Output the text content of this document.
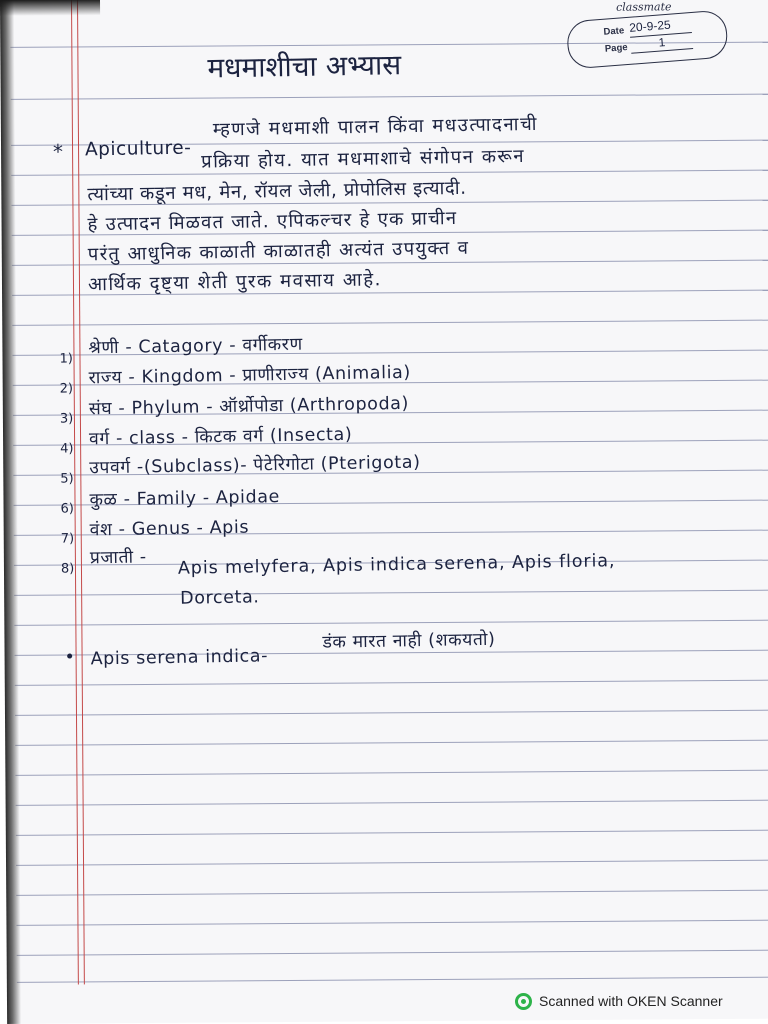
classmate
Date 20-9-25
Page	1
मधमाशीचा अभ्यास
* Apiculture-
म्हणजे मधमाशी पालन किंवा मधउत्पादनाची
प्रक्रिया होय. यात मधमाशाचे संगोपन करून
त्यांच्या कडून मध, मेन, रॉयल जेली, प्रोपोलिस इत्यादी.
हे उत्पादन मिळवत जाते. एपिकल्चर हे एक प्राचीन
परंतु आधुनिक काळाती काळातही अत्यंत उपयुक्त व
आर्थिक दृष्ट्या शेती पुरक मवसाय आहे.
1)
श्रेणी - Catagory - वर्गीकरण
2)
राज्य - Kingdom - प्राणीराज्य (Animalia)
3) संघ - Phylum - ऑर्थ्रोपोडा (Arthropoda)
4) वर्ग - class - किटक वर्ग (Insecta)
5)
उपवर्ग -(Subclass)- पेटेरिगोटा (Pterigota)
6) कुळ - Family - Apidae
7) वंश - Genus - Apis
8)
प्रजाती - Apis melyfera, Apis indica serena, Apis floria,
Dorceta.
• Apis serena indica-
डंक मारत नाही (शकयतो)
Scanned with OKEN Scanner
